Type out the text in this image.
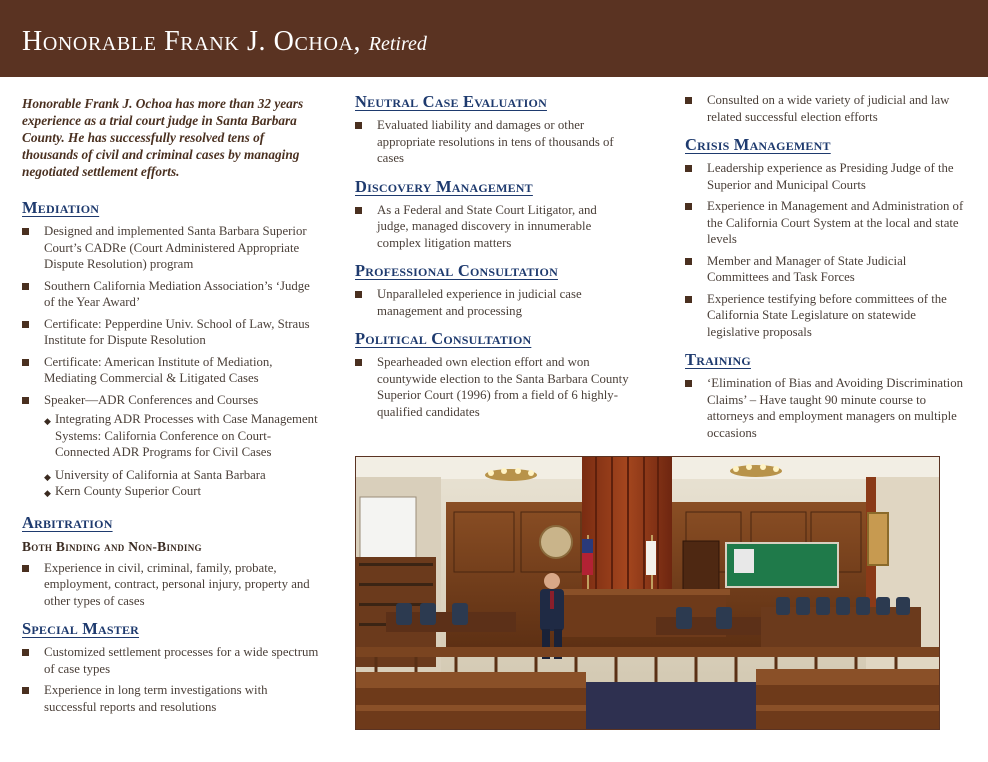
Honorable Frank J. Ochoa, Retired

Honorable Frank J. Ochoa has more than 32 years experience as a trial court judge in Santa Barbara County. He has successfully resolved tens of thousands of civil and criminal cases by managing negotiated settlement efforts.

Mediation
Designed and implemented Santa Barbara Superior Court’s CADRe (Court Administered Appropriate Dispute Resolution) program
Southern California Mediation Association’s ‘Judge of the Year Award’
Certificate: Pepperdine Univ. School of Law, Straus Institute for Dispute Resolution
Certificate: American Institute of Mediation, Mediating Commercial & Litigated Cases
Speaker—ADR Conferences and Courses
◆ Integrating ADR Processes with Case Management Systems: California Conference on Court-Connected ADR Programs for Civil Cases
◆ University of California at Santa Barbara
◆ Kern County Superior Court
Arbitration
Both Binding and Non-Binding
Experience in civil, criminal, family, probate, employment, contract, personal injury, property and other types of cases
Special Master
Customized settlement processes for a wide spectrum of case types
Experience in long term investigations with successful reports and resolutions
Neutral Case Evaluation
Evaluated liability and damages or other appropriate resolutions in tens of thousands of cases
Discovery Management
As a Federal and State Court Litigator, and judge, managed discovery in innumerable complex litigation matters
Professional Consultation
Unparalleled experience in judicial case management and processing
Political Consultation
Spearheaded own election effort and won countywide election to the Santa Barbara County Superior Court (1996) from a field of 6 highly-qualified candidates
Consulted on a wide variety of judicial and law related successful election efforts
Crisis Management
Leadership experience as Presiding Judge of the Superior and Municipal Courts
Experience in Management and Administration of the California Court System at the local and state levels
Member and Manager of State Judicial Committees and Task Forces
Experience testifying before committees of the California State Legislature on statewide legislative proposals
Training
‘Elimination of Bias and Avoiding Discrimination Claims’ – Have taught 90 minute course to attorneys and employment managers on multiple occasions
